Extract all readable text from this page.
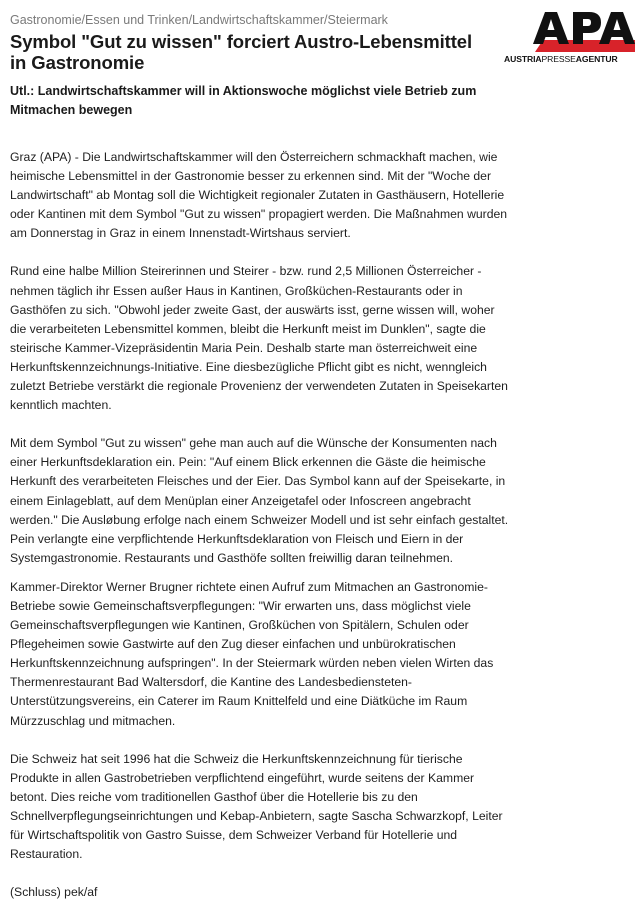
Gastronomie/Essen und Trinken/Landwirtschaftskammer/Steiermark

Symbol "Gut zu wissen" forciert Austro-Lebensmittel in Gastronomie

Utl.: Landwirtschaftskammer will in Aktionswoche möglichst viele Betrieb zum Mitmachen bewegen

AUSTRIAPRESSEAGENTUR

Graz (APA) - Die Landwirtschaftskammer will den Österreichern schmackhaft machen, wie heimische Lebensmittel in der Gastronomie besser zu erkennen sind. Mit der "Woche der Landwirtschaft" ab Montag soll die Wichtigkeit regionaler Zutaten in Gasthäusern, Hotellerie oder Kantinen mit dem Symbol "Gut zu wissen" propagiert werden. Die Maßnahmen wurden am Donnerstag in Graz in einem Innenstadt-Wirtshaus serviert.

Rund eine halbe Million Steirerinnen und Steirer - bzw. rund 2,5 Millionen Österreicher - nehmen täglich ihr Essen außer Haus in Kantinen, Großküchen-Restaurants oder in Gasthöfen zu sich. "Obwohl jeder zweite Gast, der auswärts isst, gerne wissen will, woher die verarbeiteten Lebensmittel kommen, bleibt die Herkunft meist im Dunklen", sagte die steirische Kammer-Vizepräsidentin Maria Pein. Deshalb starte man österreichweit eine Herkunftskennzeichnungs-Initiative. Eine diesbezügliche Pflicht gibt es nicht, wenngleich zuletzt Betriebe verstärkt die regionale Provenienz der verwendeten Zutaten in Speisekarten kenntlich machten.

Mit dem Symbol "Gut zu wissen" gehe man auch auf die Wünsche der Konsumenten nach einer Herkunftsdeklaration ein. Pein: "Auf einem Blick erkennen die Gäste die heimische Herkunft des verarbeiteten Fleisches und der Eier. Das Symbol kann auf der Speisekarte, in einem Einlageblatt, auf dem Menüplan einer Anzeigetafel oder Infoscreen angebracht werden." Die Ausløbung erfolge nach einem Schweizer Modell und ist sehr einfach gestaltet. Pein verlangte eine verpflichtende Herkunftsdeklaration von Fleisch und Eiern in der Systemgastronomie. Restaurants und Gasthöfe sollten freiwillig daran teilnehmen.

Kammer-Direktor Werner Brugner richtete einen Aufruf zum Mitmachen an Gastronomie-Betriebe sowie Gemeinschaftsverpflegungen: "Wir erwarten uns, dass möglichst viele Gemeinschaftsverpflegungen wie Kantinen, Großküchen von Spitälern, Schulen oder Pflegeheimen sowie Gastwirte auf den Zug dieser einfachen und unbürokratischen Herkunftskennzeichnung aufspringen". In der Steiermark würden neben vielen Wirten das Thermenrestaurant Bad Waltersdorf, die Kantine des Landesbediensteten-Unterstützungsvereins, ein Caterer im Raum Knittelfeld und eine Diätküche im Raum Mürzzuschlag und mitmachen.

Die Schweiz hat seit 1996 hat die Schweiz die Herkunftskennzeichnung für tierische Produkte in allen Gastrobetrieben verpflichtend eingeführt, wurde seitens der Kammer betont. Dies reiche vom traditionellen Gasthof über die Hotellerie bis zu den Schnellverpflegungseinrichtungen und Kebap-Anbietern, sagte Sascha Schwarzkopf, Leiter für Wirtschaftspolitik von Gastro Suisse, dem Schweizer Verband für Hotellerie und Restauration.

(Schluss) pek/af
